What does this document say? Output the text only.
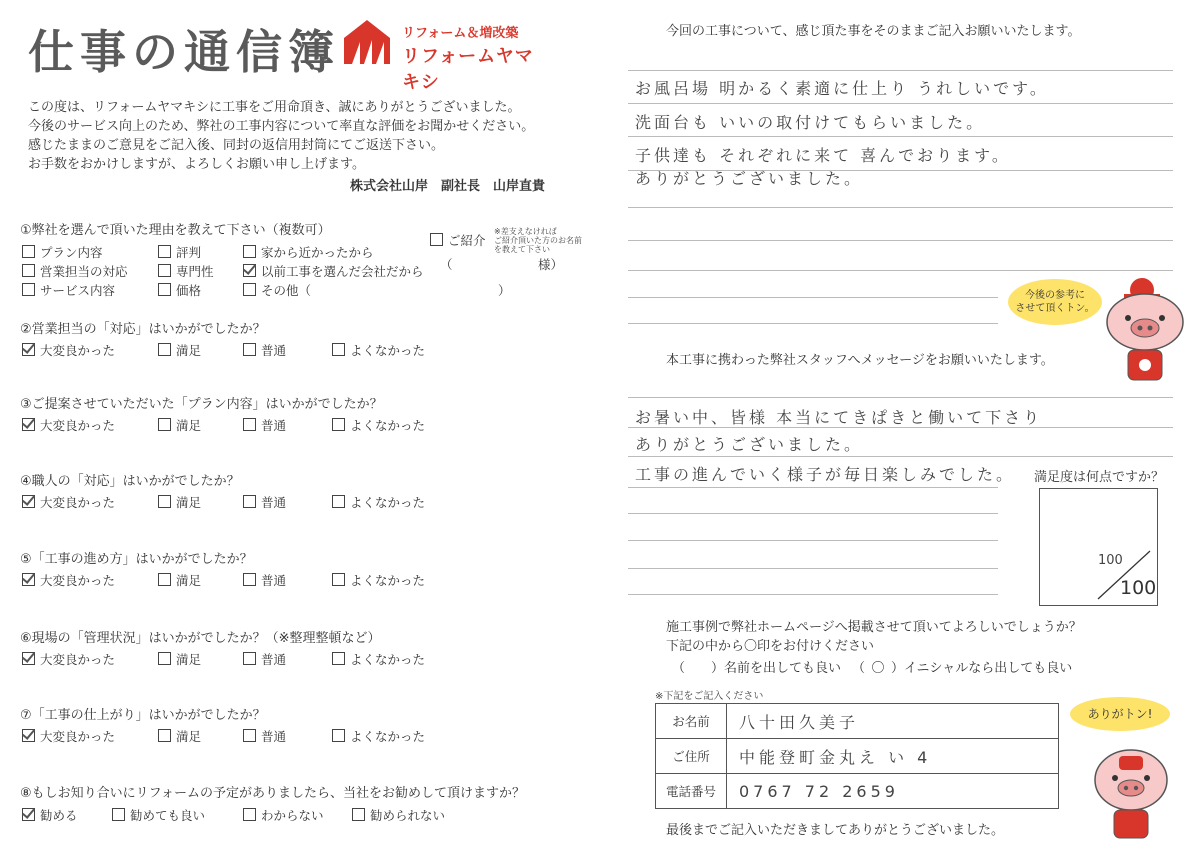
仕事の通信簿	リフォーム＆増改築
リフォームヤマキシ
この度は、リフォームヤマキシに工事をご用命頂き、誠にありがとうございました。
今後のサービス向上のため、弊社の工事内容について率直な評価をお聞かせください。
感じたままのご意見をご記入後、同封の返信用封筒にてご返送下さい。
お手数をおかけしますが、よろしくお願い申し上げます。
株式会社山岸　副社長　山岸直貴
①弊社を選んで頂いた理由を教えて下さい（複数可）
プラン内容	評判	家から近かったから
営業担当の対応	専門性	以前工事を選んだ会社だから
サービス内容	価格	その他（	）
ご紹介
※差支えなければ
ご紹介頂いた方のお名前
を教えて下さい
（	様）
②営業担当の「対応」はいかがでしたか？
大変良かった	満足	普通	よくなかった
③ご提案させていただいた「プラン内容」はいかがでしたか？
大変良かった	満足	普通	よくなかった
④職人の「対応」はいかがでしたか？
大変良かった	満足	普通	よくなかった
⑤「工事の進め方」はいかがでしたか？
大変良かった	満足	普通	よくなかった
⑥現場の「管理状況」はいかがでしたか？（※整理整頓など）
大変良かった	満足	普通	よくなかった
⑦「工事の仕上がり」はいかがでしたか？
大変良かった	満足	普通	よくなかった
⑧もしお知り合いにリフォームの予定がありましたら、当社をお勧めして頂けますか？
勧める	勧めても良い	わからない	勧められない
今回の工事について、感じ頂た事をそのままご記入お願いいたします。
お風呂場 明かるく素適に仕上り うれしいです。
洗面台も いいの取付けてもらいました。
子供達も それぞれに来て 喜んでおります。
ありがとうございました。
今後の参考に
させて頂くトン。
本工事に携わった弊社スタッフへメッセージをお願いいたします。
お暑い中、皆様 本当にてきぱきと働いて下さり
ありがとうございました。
工事の進んでいく様子が毎日楽しみでした。 満足度は何点ですか？
100
100
施工事例で弊社ホームページへ掲載させて頂いてよろしいでしょうか？
下記の中から〇印をお付けください
（ ）名前を出しても良い （ 〇 ）イニシャルなら出しても良い
※下記をご記入ください
お名前	八十田久美子
ご住所	中能登町金丸え い 4
電話番号	0767 72 2659
ありがトン!
最後までご記入いただきましてありがとうございました。
